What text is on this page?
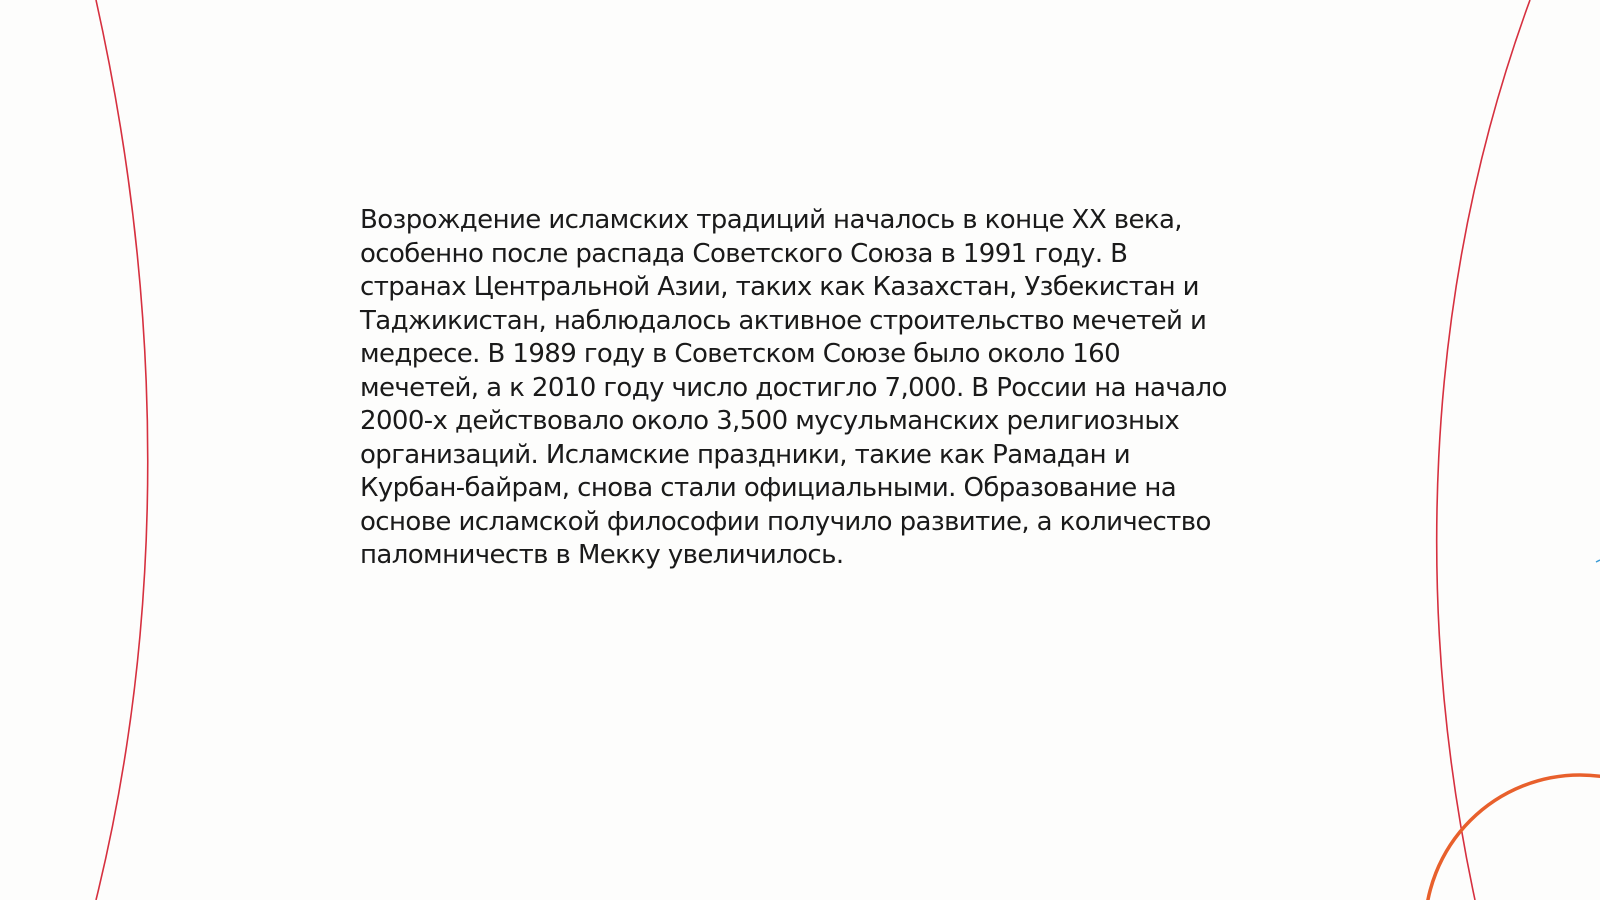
Возрождение исламских традиций началось в конце XX века, особенно после распада Советского Союза в 1991 году. В странах Центральной Азии, таких как Казахстан, Узбекистан и Таджикистан, наблюдалось активное строительство мечетей и медресе. В 1989 году в Советском Союзе было около 160 мечетей, а к 2010 году число достигло 7,000. В России на начало 2000-х действовало около 3,500 мусульманских религиозных организаций. Исламские праздники, такие как Рамадан и Курбан-байрам, снова стали официальными. Образование на основе исламской философии получило развитие, а количество паломничеств в Мекку увеличилось.
